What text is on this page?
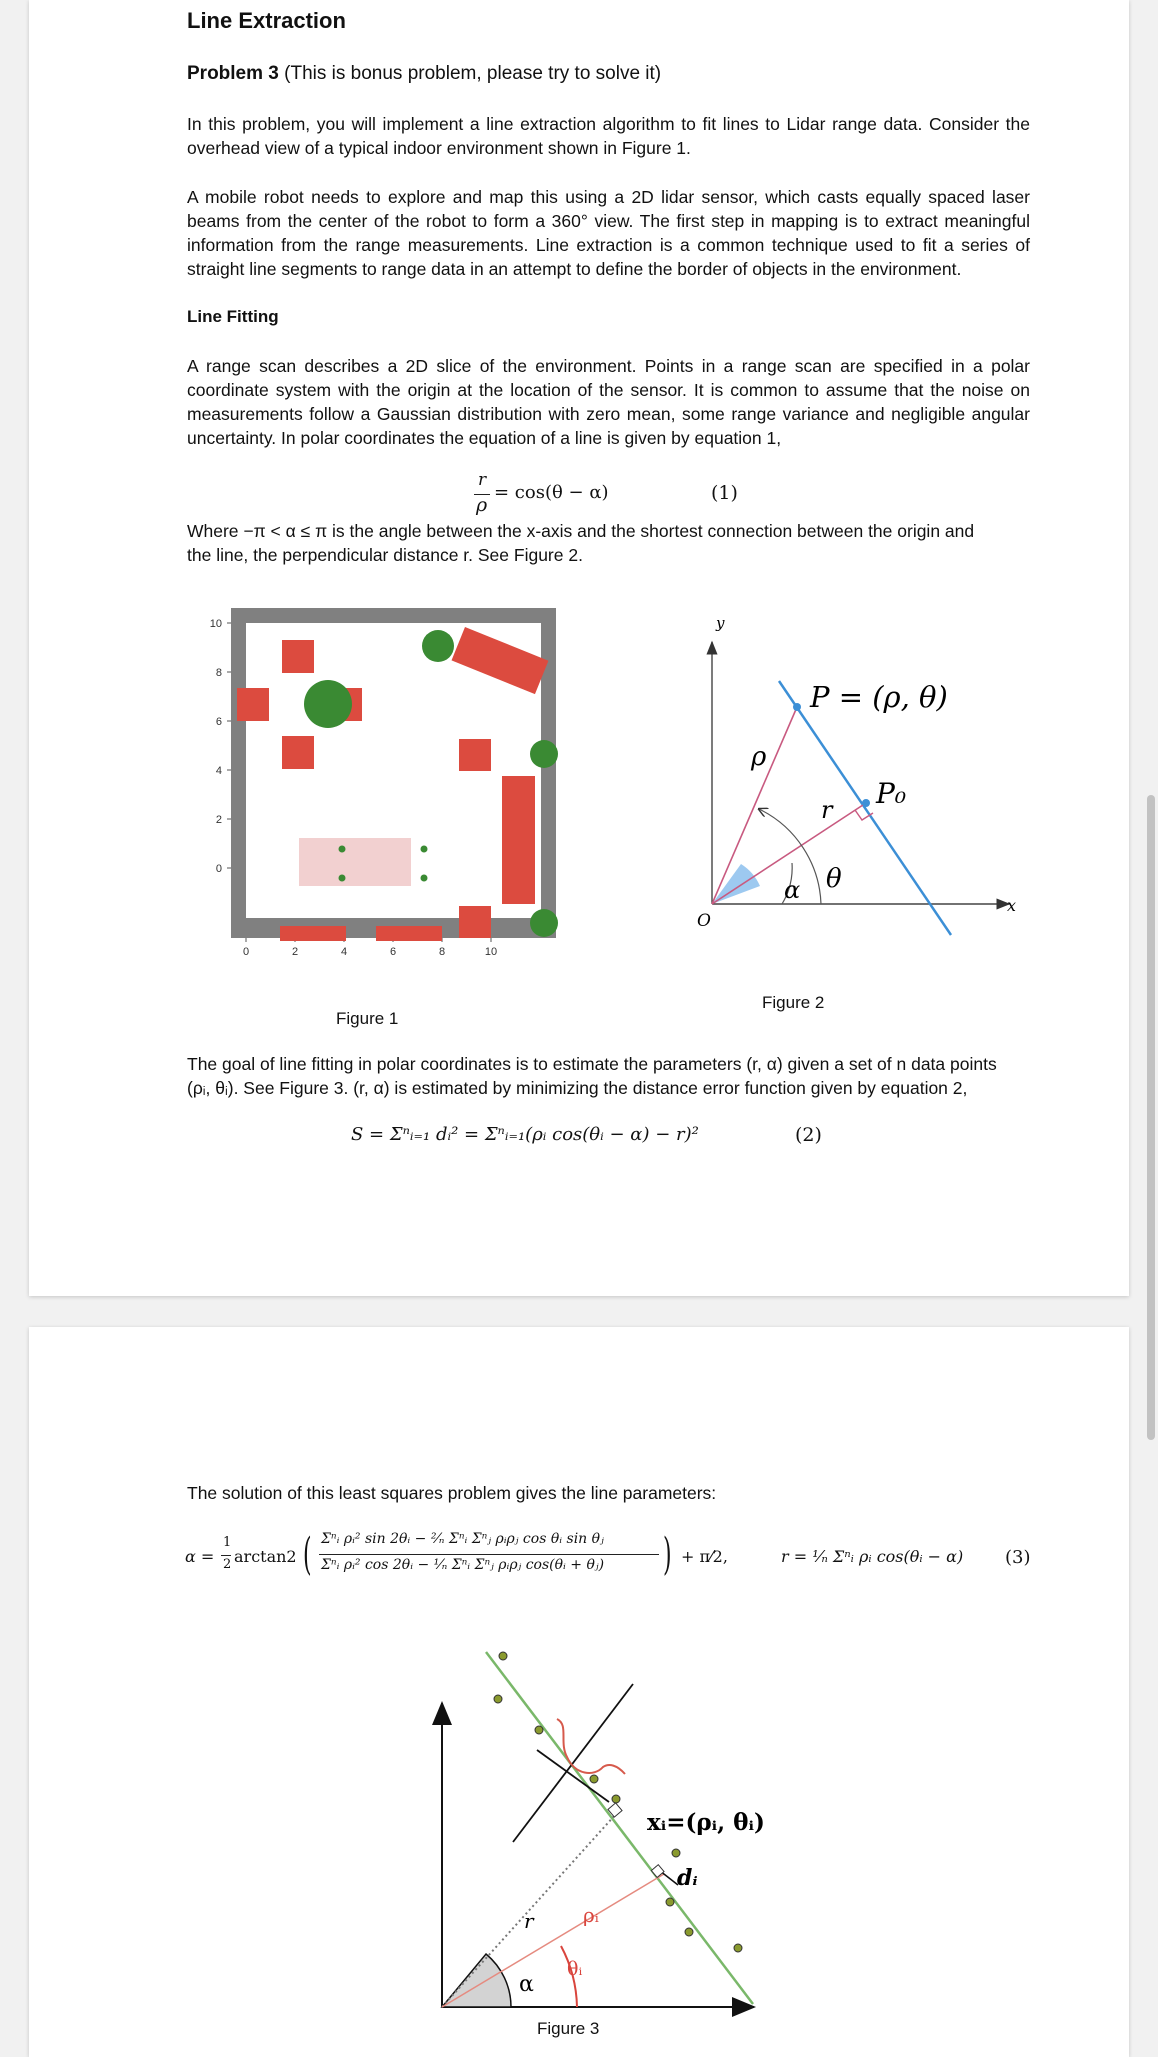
Line Extraction
Problem 3 (This is bonus problem, please try to solve it)
In this problem, you will implement a line extraction algorithm to fit lines to Lidar range data. Consider the overhead view of a typical indoor environment shown in Figure 1.
A mobile robot needs to explore and map this using a 2D lidar sensor, which casts equally spaced laser beams from the center of the robot to form a 360° view. The first step in mapping is to extract meaningful information from the range measurements. Line extraction is a common technique used to fit a series of straight line segments to range data in an attempt to define the border of objects in the environment.
Line Fitting
A range scan describes a 2D slice of the environment. Points in a range scan are specified in a polar coordinate system with the origin at the location of the sensor. It is common to assume that the noise on measurements follow a Gaussian distribution with zero mean, some range variance and negligible angular uncertainty. In polar coordinates the equation of a line is given by equation 1,
r
ρ
= cos(θ − α)	(1)
Where −π < α ≤ π is the angle between the x-axis and the shortest connection between the origin and
the line, the perpendicular distance r. See Figure 2.
0	2	4	6	8	10
10
8
6
4
2
0
Figure 1
y
x
O
P = (ρ, θ)
P₀
ρ
r
α θ
Figure 2
The goal of line fitting in polar coordinates is to estimate the parameters (r, α) given a set of n data points
(ρᵢ, θᵢ). See Figure 3. (r, α) is estimated by minimizing the distance error function given by equation 2,
S = Σⁿᵢ₌₁ dᵢ² = Σⁿᵢ₌₁(ρᵢ cos(θᵢ − α) − r)²	(2)
The solution of this least squares problem gives the line parameters:
α =
1
2 arctan2 ( Σⁿᵢ ρᵢ² sin 2θᵢ − ²⁄ₙ Σⁿᵢ Σⁿⱼ ρᵢρⱼ cos θᵢ sin θⱼ
Σⁿᵢ ρᵢ² cos 2θᵢ − ¹⁄ₙ Σⁿᵢ Σⁿⱼ ρᵢρⱼ cos(θᵢ + θⱼ) ) + π⁄2,	r = ¹⁄ₙ Σⁿᵢ ρᵢ cos(θᵢ − α) (3)
xᵢ=(ρᵢ, θᵢ)
dᵢ
ρᵢ
r
θᵢ
α
Figure 3
